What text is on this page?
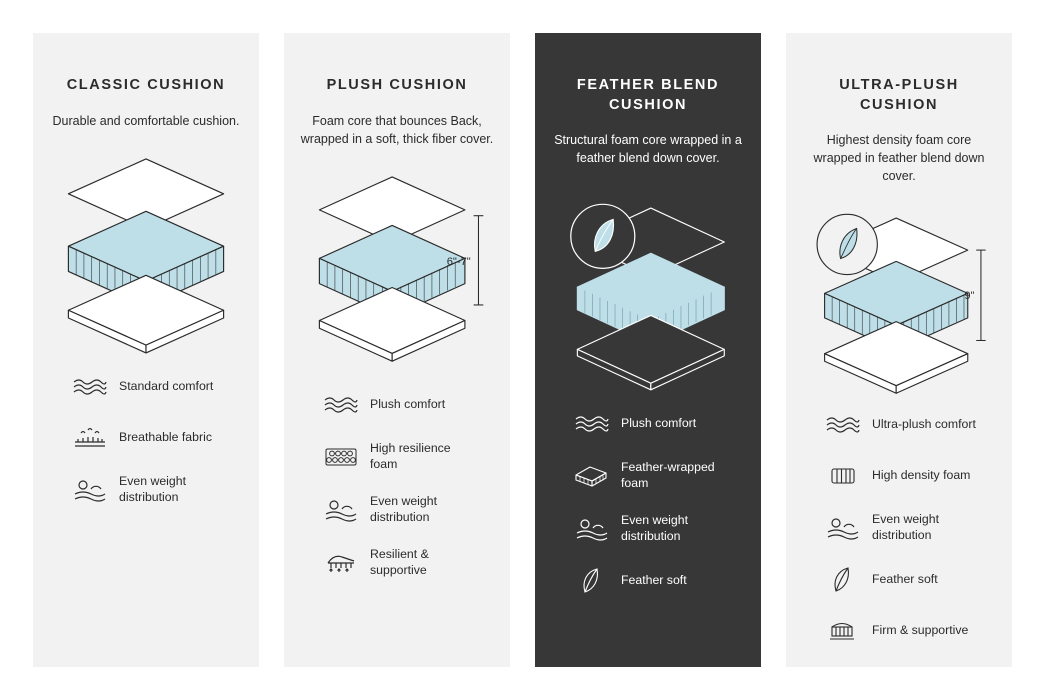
CLASSIC CUSHION
Durable and comfortable cushion.
Standard comfort
Breathable fabric
Even weight distribution
PLUSH CUSHION
Foam core that bounces Back, wrapped in a soft, thick fiber cover.
6"-7"
Plush comfort
High resilience foam
Even weight distribution
Resilient & supportive
FEATHER BLEND CUSHION
Structural foam core wrapped in a feather blend down cover.
Plush comfort
Feather-wrapped foam
Even weight distribution
Feather soft
ULTRA-PLUSH CUSHION
Highest density foam core wrapped in feather blend down cover.
9"
Ultra-plush comfort
High density foam
Even weight distribution
Feather soft
Firm & supportive
